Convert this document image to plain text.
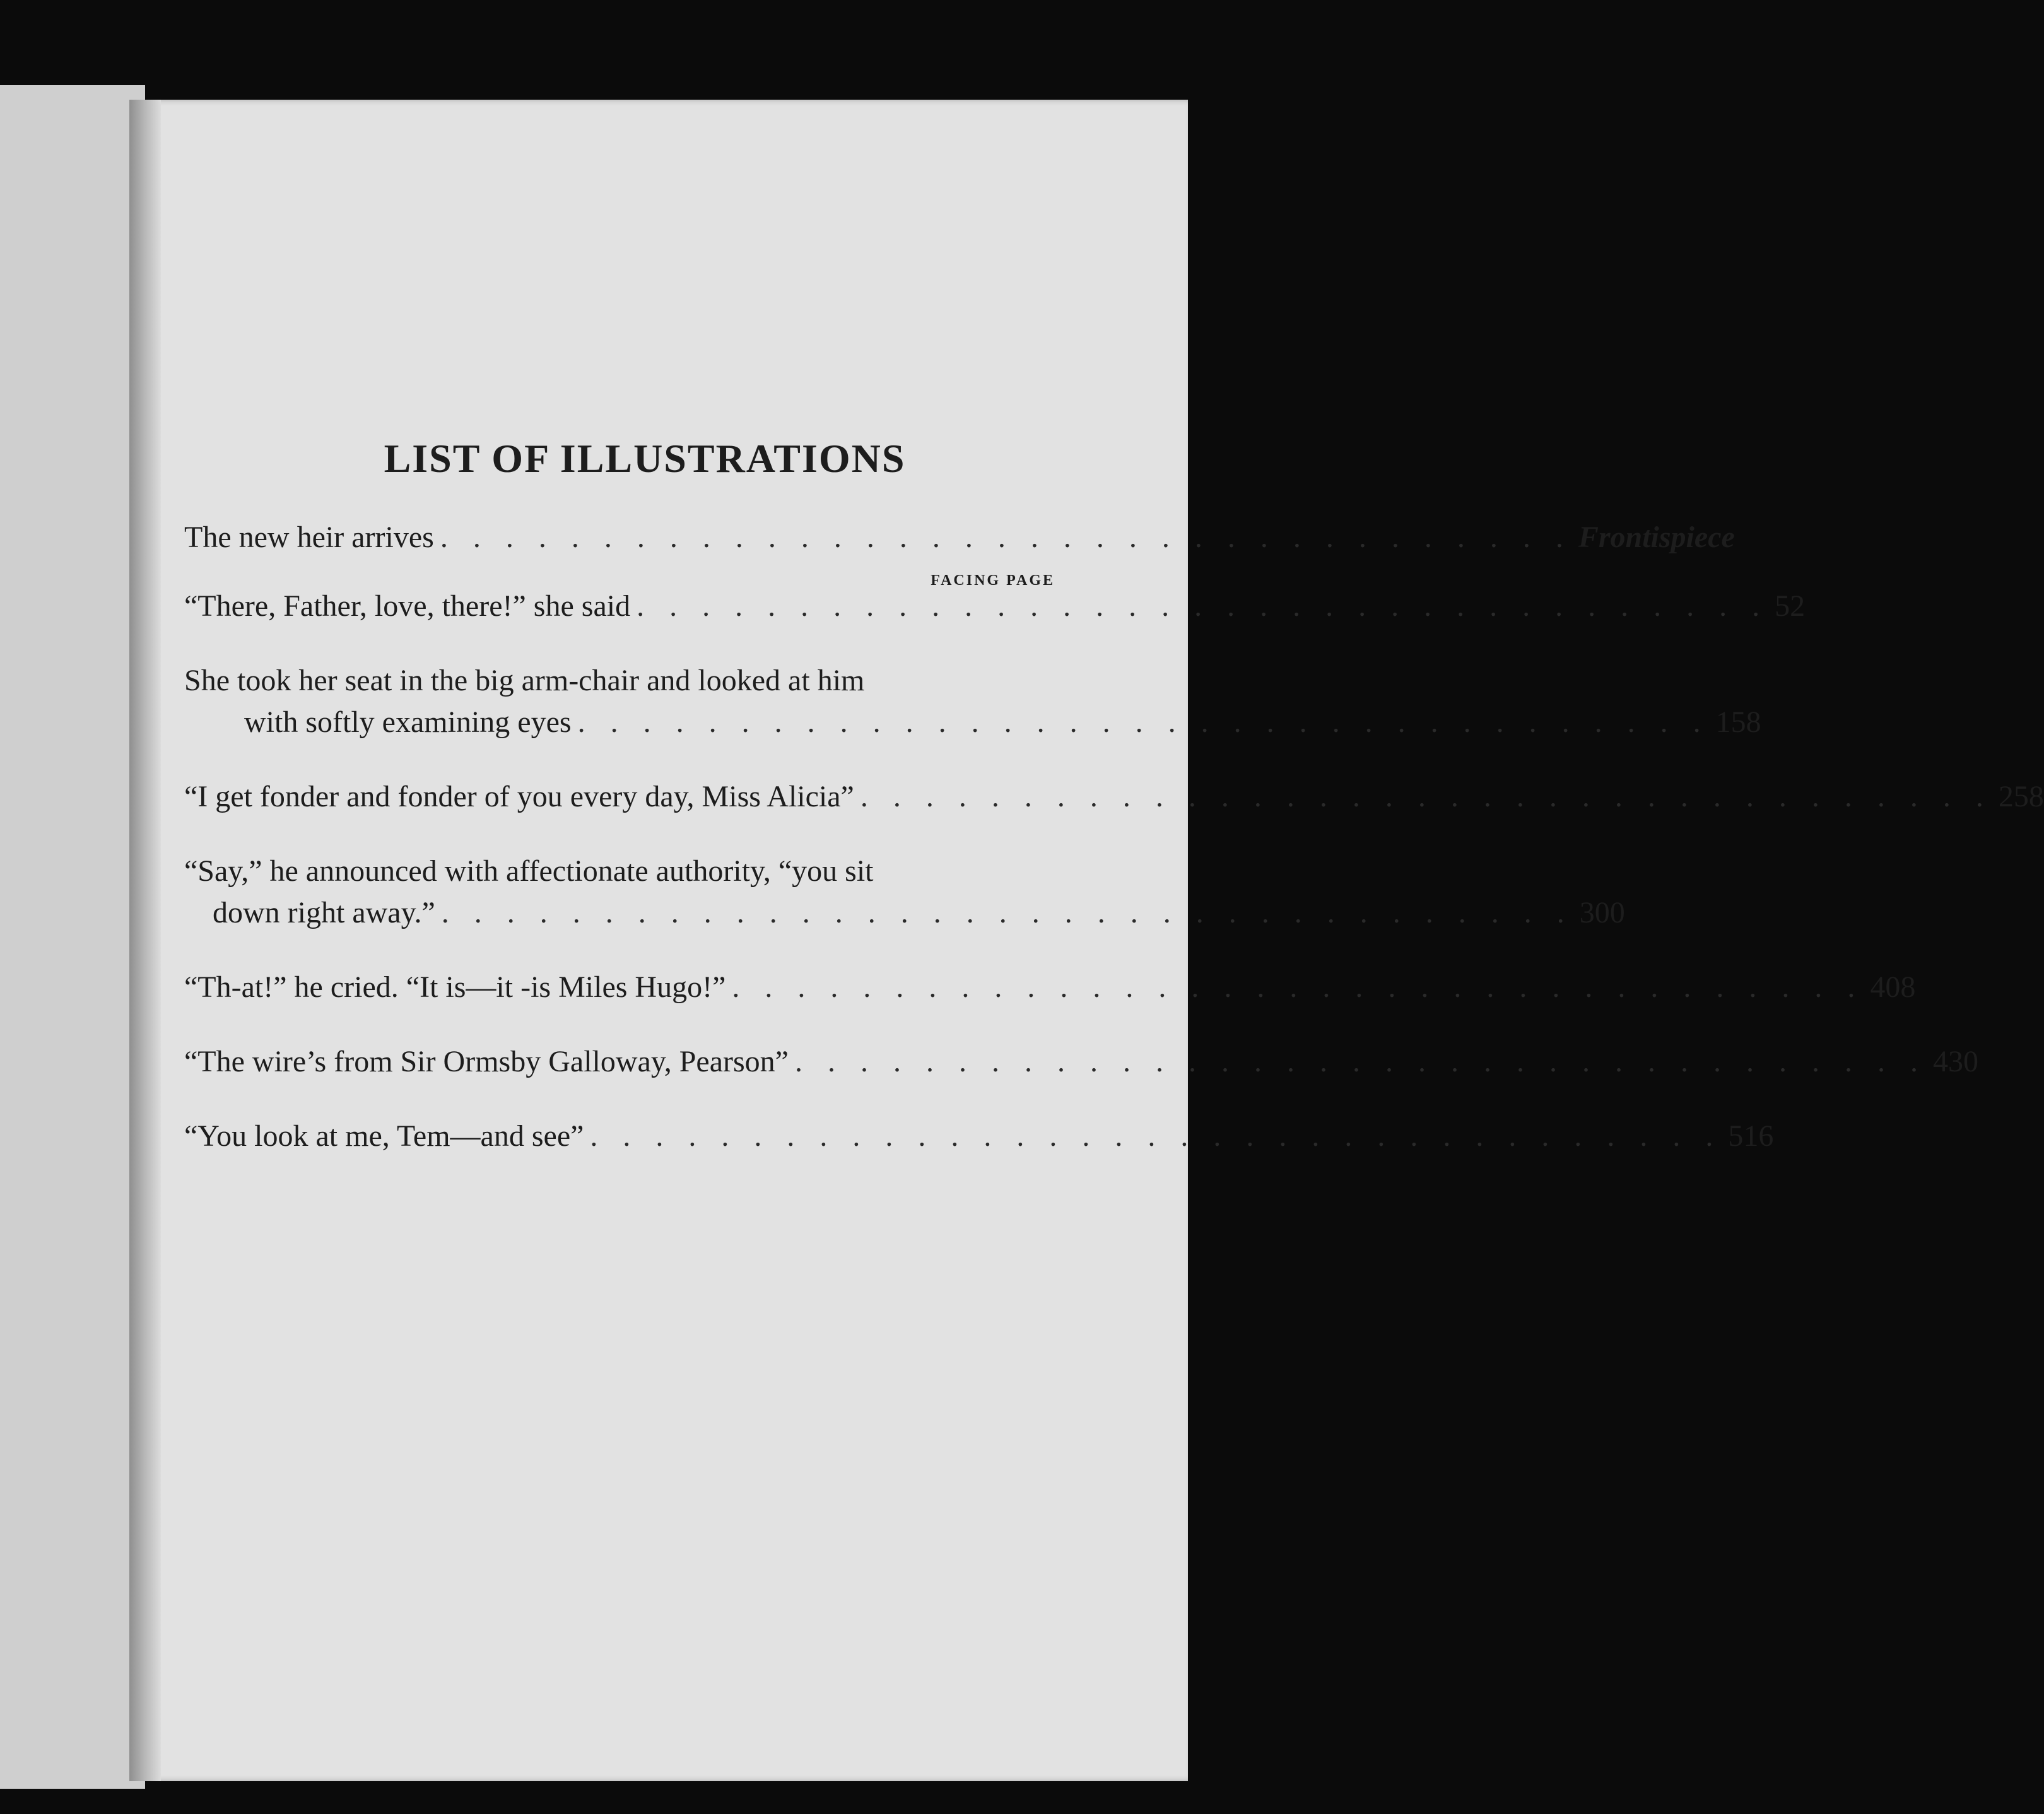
LIST OF ILLUSTRATIONS
The new heir arrives . . . . . . . . . . . . . . . . . . . . . . . . . . . . . . . . . . . Frontispiece
FACING PAGE
“There, Father, love, there!” she said . . . . . . . . . . . . . . . . . . . . . . . . . . . . . . . . . . . 52
She took her seat in the big arm-chair and looked at him
with softly examining eyes . . . . . . . . . . . . . . . . . . . . . . . . . . . . . . . . . . . 158
“I get fonder and fonder of you every day, Miss Alicia” . . . . . . . . . . . . . . . . . . . . . . . . . . . . . . . . . . . 258
“Say,” he announced with affectionate authority, “you sit
down right away.” . . . . . . . . . . . . . . . . . . . . . . . . . . . . . . . . . . . 300
“Th-at!” he cried. “It is—it -is Miles Hugo!” . . . . . . . . . . . . . . . . . . . . . . . . . . . . . . . . . . . 408
“The wire’s from Sir Ormsby Galloway, Pearson” . . . . . . . . . . . . . . . . . . . . . . . . . . . . . . . . . . . 430
“You look at me, Tem—and see” . . . . . . . . . . . . . . . . . . . . . . . . . . . . . . . . . . . 516
